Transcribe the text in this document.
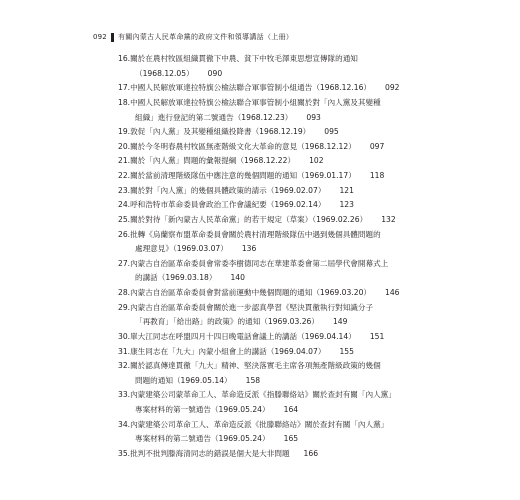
092 有關內蒙古人民革命黨的政府文件和領導講話（上冊）
16.關於在農村牧區組織貫徹下中農、貧下中牧毛澤東思想宣傳隊的通知
（1968.12.05） 090
17.中國人民解放軍達拉特旗公檢法聯合軍事管制小組通告（1968.12.16） 092
18.中國人民解放軍達拉特旗公檢法聯合軍事管制小組關於對「內人黨及其變種
組織」進行登記的第二號通告（1968.12.23） 093
19.敦促「內人黨」及其變種組織投降書（1968.12.19） 095
20.關於今冬明春農村牧區無產階級文化大革命的意見（1968.12.12） 097
21.關於「內人黨」問題的彙報提綱（1968.12.22） 102
22.關於當前清理階級隊伍中應注意的幾個問題的通知（1969.01.17） 118
23.關於對「內人黨」的幾個具體政策的請示（1969.02.07） 121
24.呼和浩特市革命委員會政治工作會議紀要（1969.02.14） 123
25.關於對待「新內蒙古人民革命黨」的若干規定（草案）（1969.02.26） 132
26.批轉《烏蘭察布盟革命委員會關於農村清理階級隊伍中遇到幾個具體問題的
處理意見》（1969.03.07） 136
27.內蒙古自治區革命委員會常委李樹德同志在華建革委會第二屆學代會開幕式上
的講話（1969.03.18） 140
28.內蒙古自治區革命委員會對當前運動中幾個問題的通知（1969.03.20） 146
29.內蒙古自治區革命委員會關於進一步認真學習《堅決貫徹執行對知識分子
「再教育」「給出路」的政策》的通知（1969.03.26） 149
30.單大江同志在呼盟四月十四日晚電話會議上的講話（1969.04.14） 151
31.康生同志在「九大」內蒙小組會上的講話（1969.04.07） 155
32.關於認真傳達貫徹「九大」精神、堅決落實毛主席各項無產階級政策的幾個
問題的通知（1969.05.14） 158
33.內蒙建築公司蒙革命工人、革命造反派《指滕聯絡站》關於查封有關「內人黨」
專案材料的第一號通告（1969.05.24） 164
34.內蒙建築公司革命工人、革命造反派《批滕聯絡站》關於查封有關「內人黨」
專案材料的第二號通告（1969.05.24） 165
35.批判不批判滕海清同志的錯誤是個大是大非問題 166
